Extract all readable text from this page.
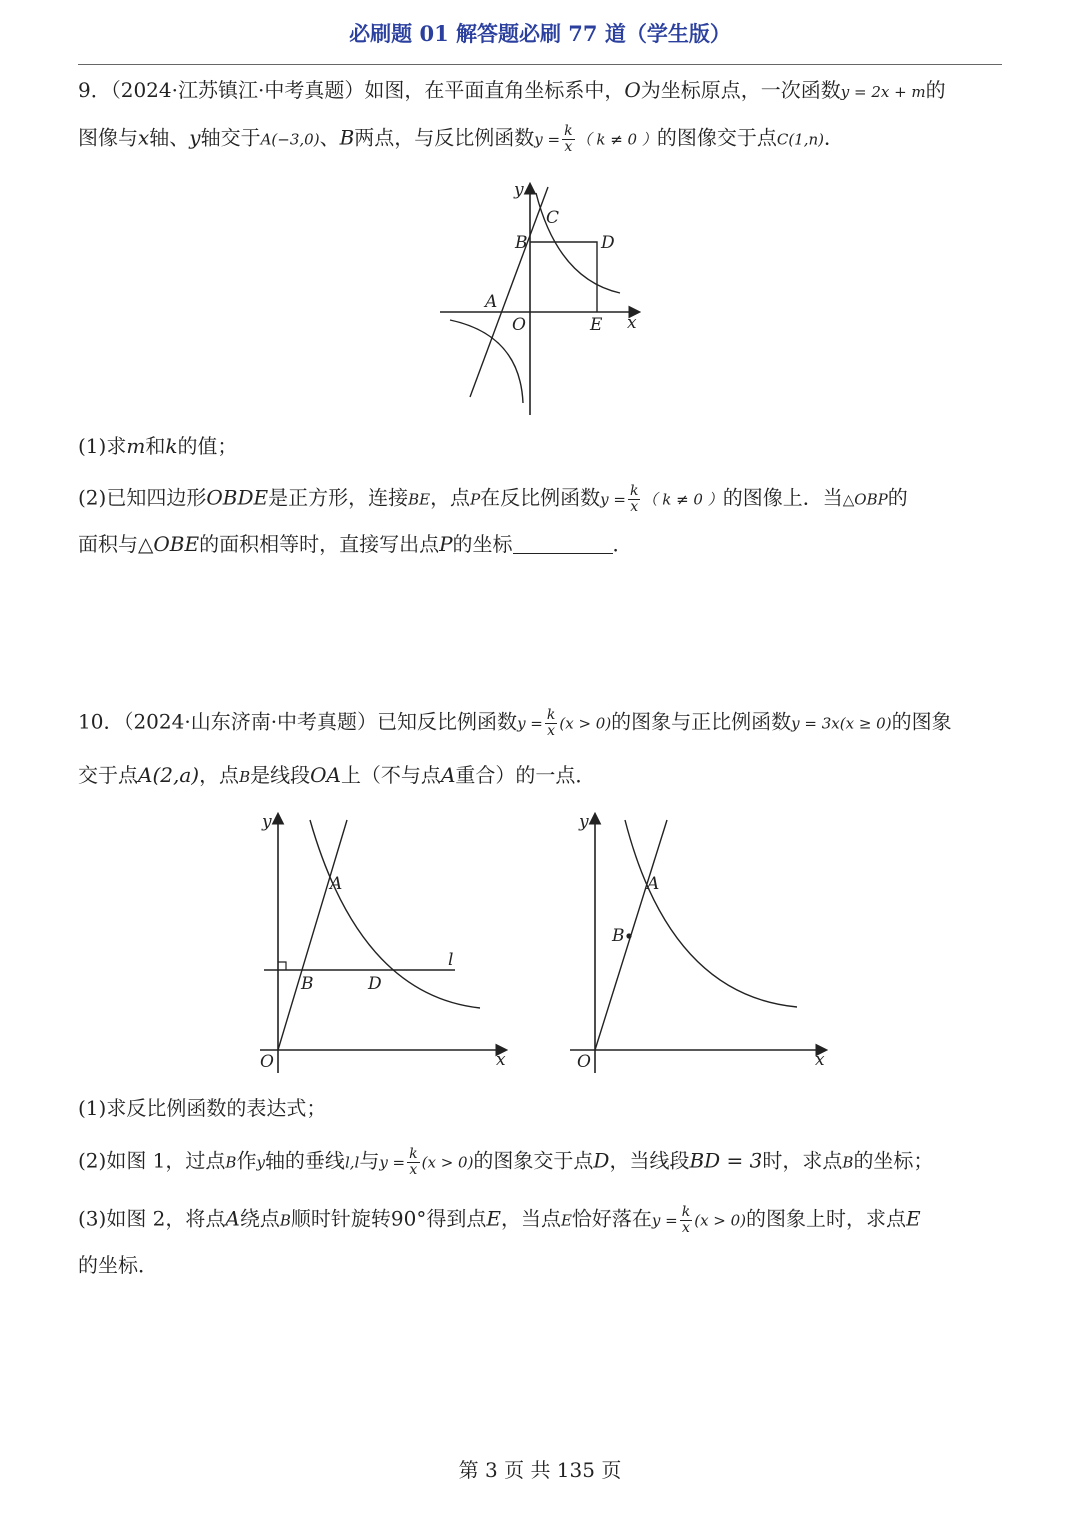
必刷题 01 解答题必刷 77 道（学生版）
9．（2024·江苏镇江·中考真题）如图，在平面直角坐标系中，O为坐标原点，一次函数y = 2x + m的
图像与x轴、y轴交于A(−3,0)、B两点，与反比例函数$y = \frac{k}{x}$ （ k ≠ 0 ）的图像交于点C(1,n)．
y
x
O
A
B
C
D
E
(1)求m和k的值；
(2)已知四边形OBDE是正方形，连接BE，点P在反比例函数$y = \frac{k}{x}$ （ k ≠ 0 ）的图像上．当△OBP的
面积与△OBE的面积相等时，直接写出点P的坐标	．
10．（2024·山东济南·中考真题）已知反比例函数$y = \frac{k}{x} (x > 0)$的图象与正比例函数y = 3x(x ≥ 0)的图象
交于点A(2,a)，点B是线段OA上（不与点A重合）的一点．
y
x
O
A
B	D
l
y
x
O
A
B
(1)求反比例函数的表达式；
(2)如图 1，过点B作y轴的垂线l,l与$y = \frac{k}{x} (x > 0)$的图象交于点D，当线段BD = 3时，求点B的坐标；
(3)如图 2，将点A绕点B顺时针旋转90°得到点E，当点E恰好落在$y = \frac{k}{x} (x > 0)$的图象上时，求点E
的坐标．
第 3 页 共 135 页
